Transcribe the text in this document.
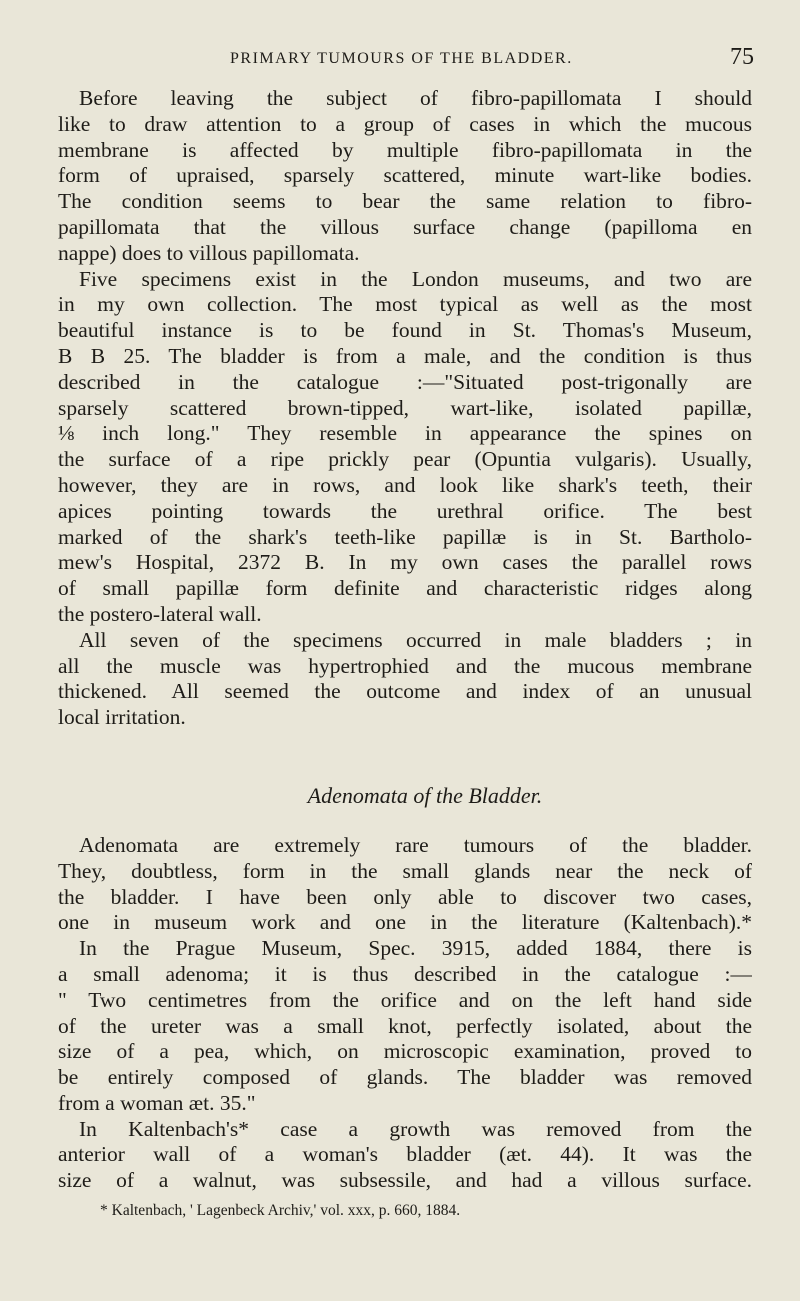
PRIMARY TUMOURS OF THE BLADDER.	75
Before leaving the subject of fibro-papillomata I should
like to draw attention to a group of cases in which the mucous
membrane is affected by multiple fibro-papillomata in the
form of upraised, sparsely scattered, minute wart-like bodies.
The condition seems to bear the same relation to fibro-
papillomata that the villous surface change (papilloma en
nappe) does to villous papillomata.
Five specimens exist in the London museums, and two are
in my own collection. The most typical as well as the most
beautiful instance is to be found in St. Thomas's Museum,
B B 25. The bladder is from a male, and the condition is thus
described in the catalogue :—"Situated post-trigonally are
sparsely scattered brown-tipped, wart-like, isolated papillæ,
⅛ inch long." They resemble in appearance the spines on
the surface of a ripe prickly pear (Opuntia vulgaris). Usually,
however, they are in rows, and look like shark's teeth, their
apices pointing towards the urethral orifice. The best
marked of the shark's teeth-like papillæ is in St. Bartholo-
mew's Hospital, 2372 B. In my own cases the parallel rows
of small papillæ form definite and characteristic ridges along
the postero-lateral wall.
All seven of the specimens occurred in male bladders ; in
all the muscle was hypertrophied and the mucous membrane
thickened. All seemed the outcome and index of an unusual
local irritation.
Adenomata of the Bladder.
Adenomata are extremely rare tumours of the bladder.
They, doubtless, form in the small glands near the neck of
the bladder. I have been only able to discover two cases,
one in museum work and one in the literature (Kaltenbach).*
In the Prague Museum, Spec. 3915, added 1884, there is
a small adenoma; it is thus described in the catalogue :—
" Two centimetres from the orifice and on the left hand side
of the ureter was a small knot, perfectly isolated, about the
size of a pea, which, on microscopic examination, proved to
be entirely composed of glands. The bladder was removed
from a woman æt. 35."
In Kaltenbach's* case a growth was removed from the
anterior wall of a woman's bladder (æt. 44). It was the
size of a walnut, was subsessile, and had a villous surface.
* Kaltenbach, ' Lagenbeck Archiv,' vol. xxx, p. 660, 1884.
